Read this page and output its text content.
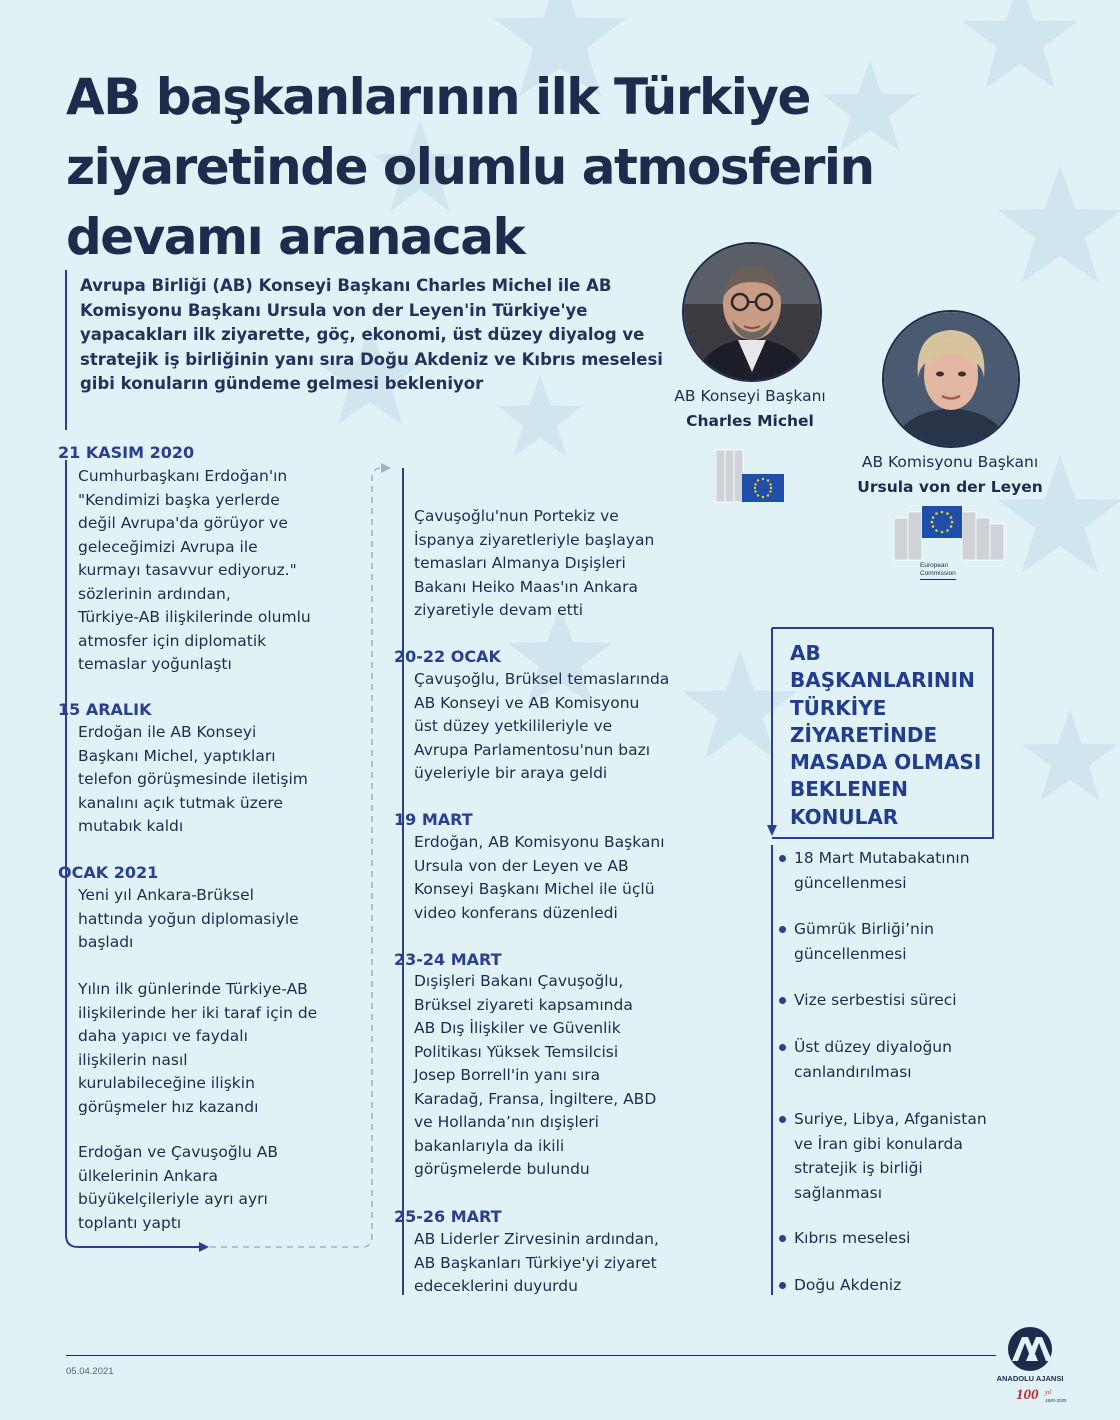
AB başkanlarının ilk Türkiye
ziyaretinde olumlu atmosferin
devamı aranacak
Avrupa Birliği (AB) Konseyi Başkanı Charles Michel ile AB
Komisyonu Başkanı Ursula von der Leyen'in Türkiye'ye
yapacakları ilk ziyarette, göç, ekonomi, üst düzey diyalog ve
stratejik iş birliğinin yanı sıra Doğu Akdeniz ve Kıbrıs meselesi
gibi konuların gündeme gelmesi bekleniyor
AB Konseyi Başkanı
Charles Michel
AB Komisyonu Başkanı
Ursula von der Leyen
European
Commission
21 KASIM 2020
Cumhurbaşkanı Erdoğan'ın
"Kendimizi başka yerlerde
değil Avrupa'da görüyor ve
geleceğimizi Avrupa ile
kurmayı tasavvur ediyoruz."
sözlerinin ardından,
Türkiye-AB ilişkilerinde olumlu
atmosfer için diplomatik
temaslar yoğunlaştı
15 ARALIK
Erdoğan ile AB Konseyi
Başkanı Michel, yaptıkları
telefon görüşmesinde iletişim
kanalını açık tutmak üzere
mutabık kaldı
OCAK 2021
Yeni yıl Ankara-Brüksel
hattında yoğun diplomasiyle
başladı
Yılın ilk günlerinde Türkiye-AB
ilişkilerinde her iki taraf için de
daha yapıcı ve faydalı
ilişkilerin nasıl
kurulabileceğine ilişkin
görüşmeler hız kazandı
Erdoğan ve Çavuşoğlu AB
ülkelerinin Ankara
büyükelçileriyle ayrı ayrı
toplantı yaptı
Çavuşoğlu'nun Portekiz ve
İspanya ziyaretleriyle başlayan
temasları Almanya Dışişleri
Bakanı Heiko Maas'ın Ankara
ziyaretiyle devam etti
20-22 OCAK
Çavuşoğlu, Brüksel temaslarında
AB Konseyi ve AB Komisyonu
üst düzey yetkilileriyle ve
Avrupa Parlamentosu'nun bazı
üyeleriyle bir araya geldi
19 MART
Erdoğan, AB Komisyonu Başkanı
Ursula von der Leyen ve AB
Konseyi Başkanı Michel ile üçlü
video konferans düzenledi
23-24 MART
Dışişleri Bakanı Çavuşoğlu,
Brüksel ziyareti kapsamında
AB Dış İlişkiler ve Güvenlik
Politikası Yüksek Temsilcisi
Josep Borrell'in yanı sıra
Karadağ, Fransa, İngiltere, ABD
ve Hollanda’nın dışişleri
bakanlarıyla da ikili
görüşmelerde bulundu
25-26 MART
AB Liderler Zirvesinin ardından,
AB Başkanları Türkiye'yi ziyaret
edeceklerini duyurdu
AB
BAŞKANLARININ
TÜRKİYE
ZİYARETİNDE
MASADA OLMASI
BEKLENEN
KONULAR
18 Mart Mutabakatının
güncellenmesi
Gümrük Birliği’nin
güncellenmesi
Vize serbestisi süreci
Üst düzey diyaloğun
canlandırılması
Suriye, Libya, Afganistan
ve İran gibi konularda
stratejik iş birliği
sağlanması
Kıbrıs meselesi
Doğu Akdeniz
05.04.2021
ANADOLU AJANSI
100 yıl
1920-2020
